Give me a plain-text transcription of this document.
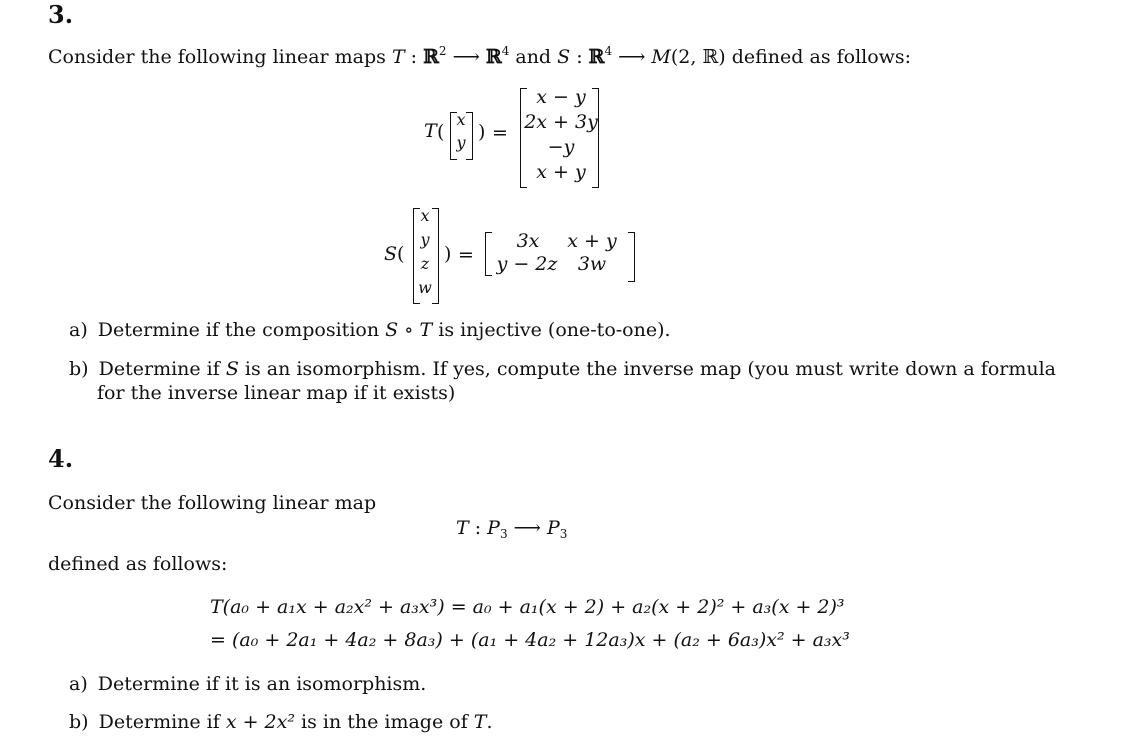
3.
Consider the following linear maps T : ℝ$^2$ ⟶ ℝ$^4$ and S : ℝ$^4$ ⟶ M(2, ℝ) defined as follows:
T (
x
y ) =
x − y
2x + 3y
−y
x + y
S (
x
y
z
w
) =
3x	x + y
y − 2z	3w
a) Determine if the composition S ∘ T is injective (one-to-one).
b) Determine if S is an isomorphism. If yes, compute the inverse map (you must write down a formula
for the inverse linear map if it exists)
4.
Consider the following linear map
T : $P_3$ ⟶ $P_3$
defined as follows:
T(a₀ + a₁x + a₂x² + a₃x³) = a₀ + a₁(x + 2) + a₂(x + 2)² + a₃(x + 2)³
= (a₀ + 2a₁ + 4a₂ + 8a₃) + (a₁ + 4a₂ + 12a₃)x + (a₂ + 6a₃)x² + a₃x³
a) Determine if it is an isomorphism.
b) Determine if x + 2x² is in the image of T.
